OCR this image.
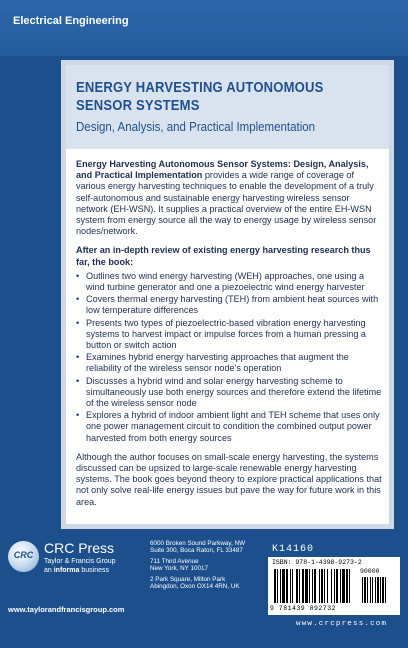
Electrical Engineering
ENERGY HARVESTING AUTONOMOUS
SENSOR SYSTEMS
Design, Analysis, and Practical Implementation

Energy Harvesting Autonomous Sensor Systems: Design, Analysis, and Practical Implementation provides a wide range of coverage of various energy harvesting techniques to enable the development of a truly self-autonomous and sustainable energy harvesting wireless sensor network (EH-WSN). It supplies a practical overview of the entire EH-WSN system from energy source all the way to energy usage by wireless sensor nodes/network.

After an in-depth review of existing energy harvesting research thus far, the book:

• Outlines two wind energy harvesting (WEH) approaches, one using a wind turbine generator and one a piezoelectric wind energy harvester
• Covers thermal energy harvesting (TEH) from ambient heat sources with low temperature differences
• Presents two types of piezoelectric-based vibration energy harvesting systems to harvest impact or impulse forces from a human pressing a button or switch action
• Examines hybrid energy harvesting approaches that augment the reliability of the wireless sensor node's operation
• Discusses a hybrid wind and solar energy harvesting scheme to simultaneously use both energy sources and therefore extend the lifetime of the wireless sensor node
• Explores a hybrid of indoor ambient light and TEH scheme that uses only one power management circuit to condition the combined output power harvested from both energy sources

Although the author focuses on small-scale energy harvesting, the systems discussed can be upsized to large-scale renewable energy harvesting systems. The book goes beyond theory to explore practical applications that not only solve real-life energy issues but pave the way for future work in this area.

K14160
CRC CRC Press
Taylor & Francis Group
an informa business
6000 Broken Sound Parkway, NW
Suite 300, Boca Raton, FL 33487
711 Third Avenue
New York, NY 10017
2 Park Square, Milton Park
Abingdon, Oxon OX14 4RN, UK
www.taylorandfrancisgroup.com
ISBN: 978-1-4398-9273-2
90000
9 781439 892732
www.crcpress.com
